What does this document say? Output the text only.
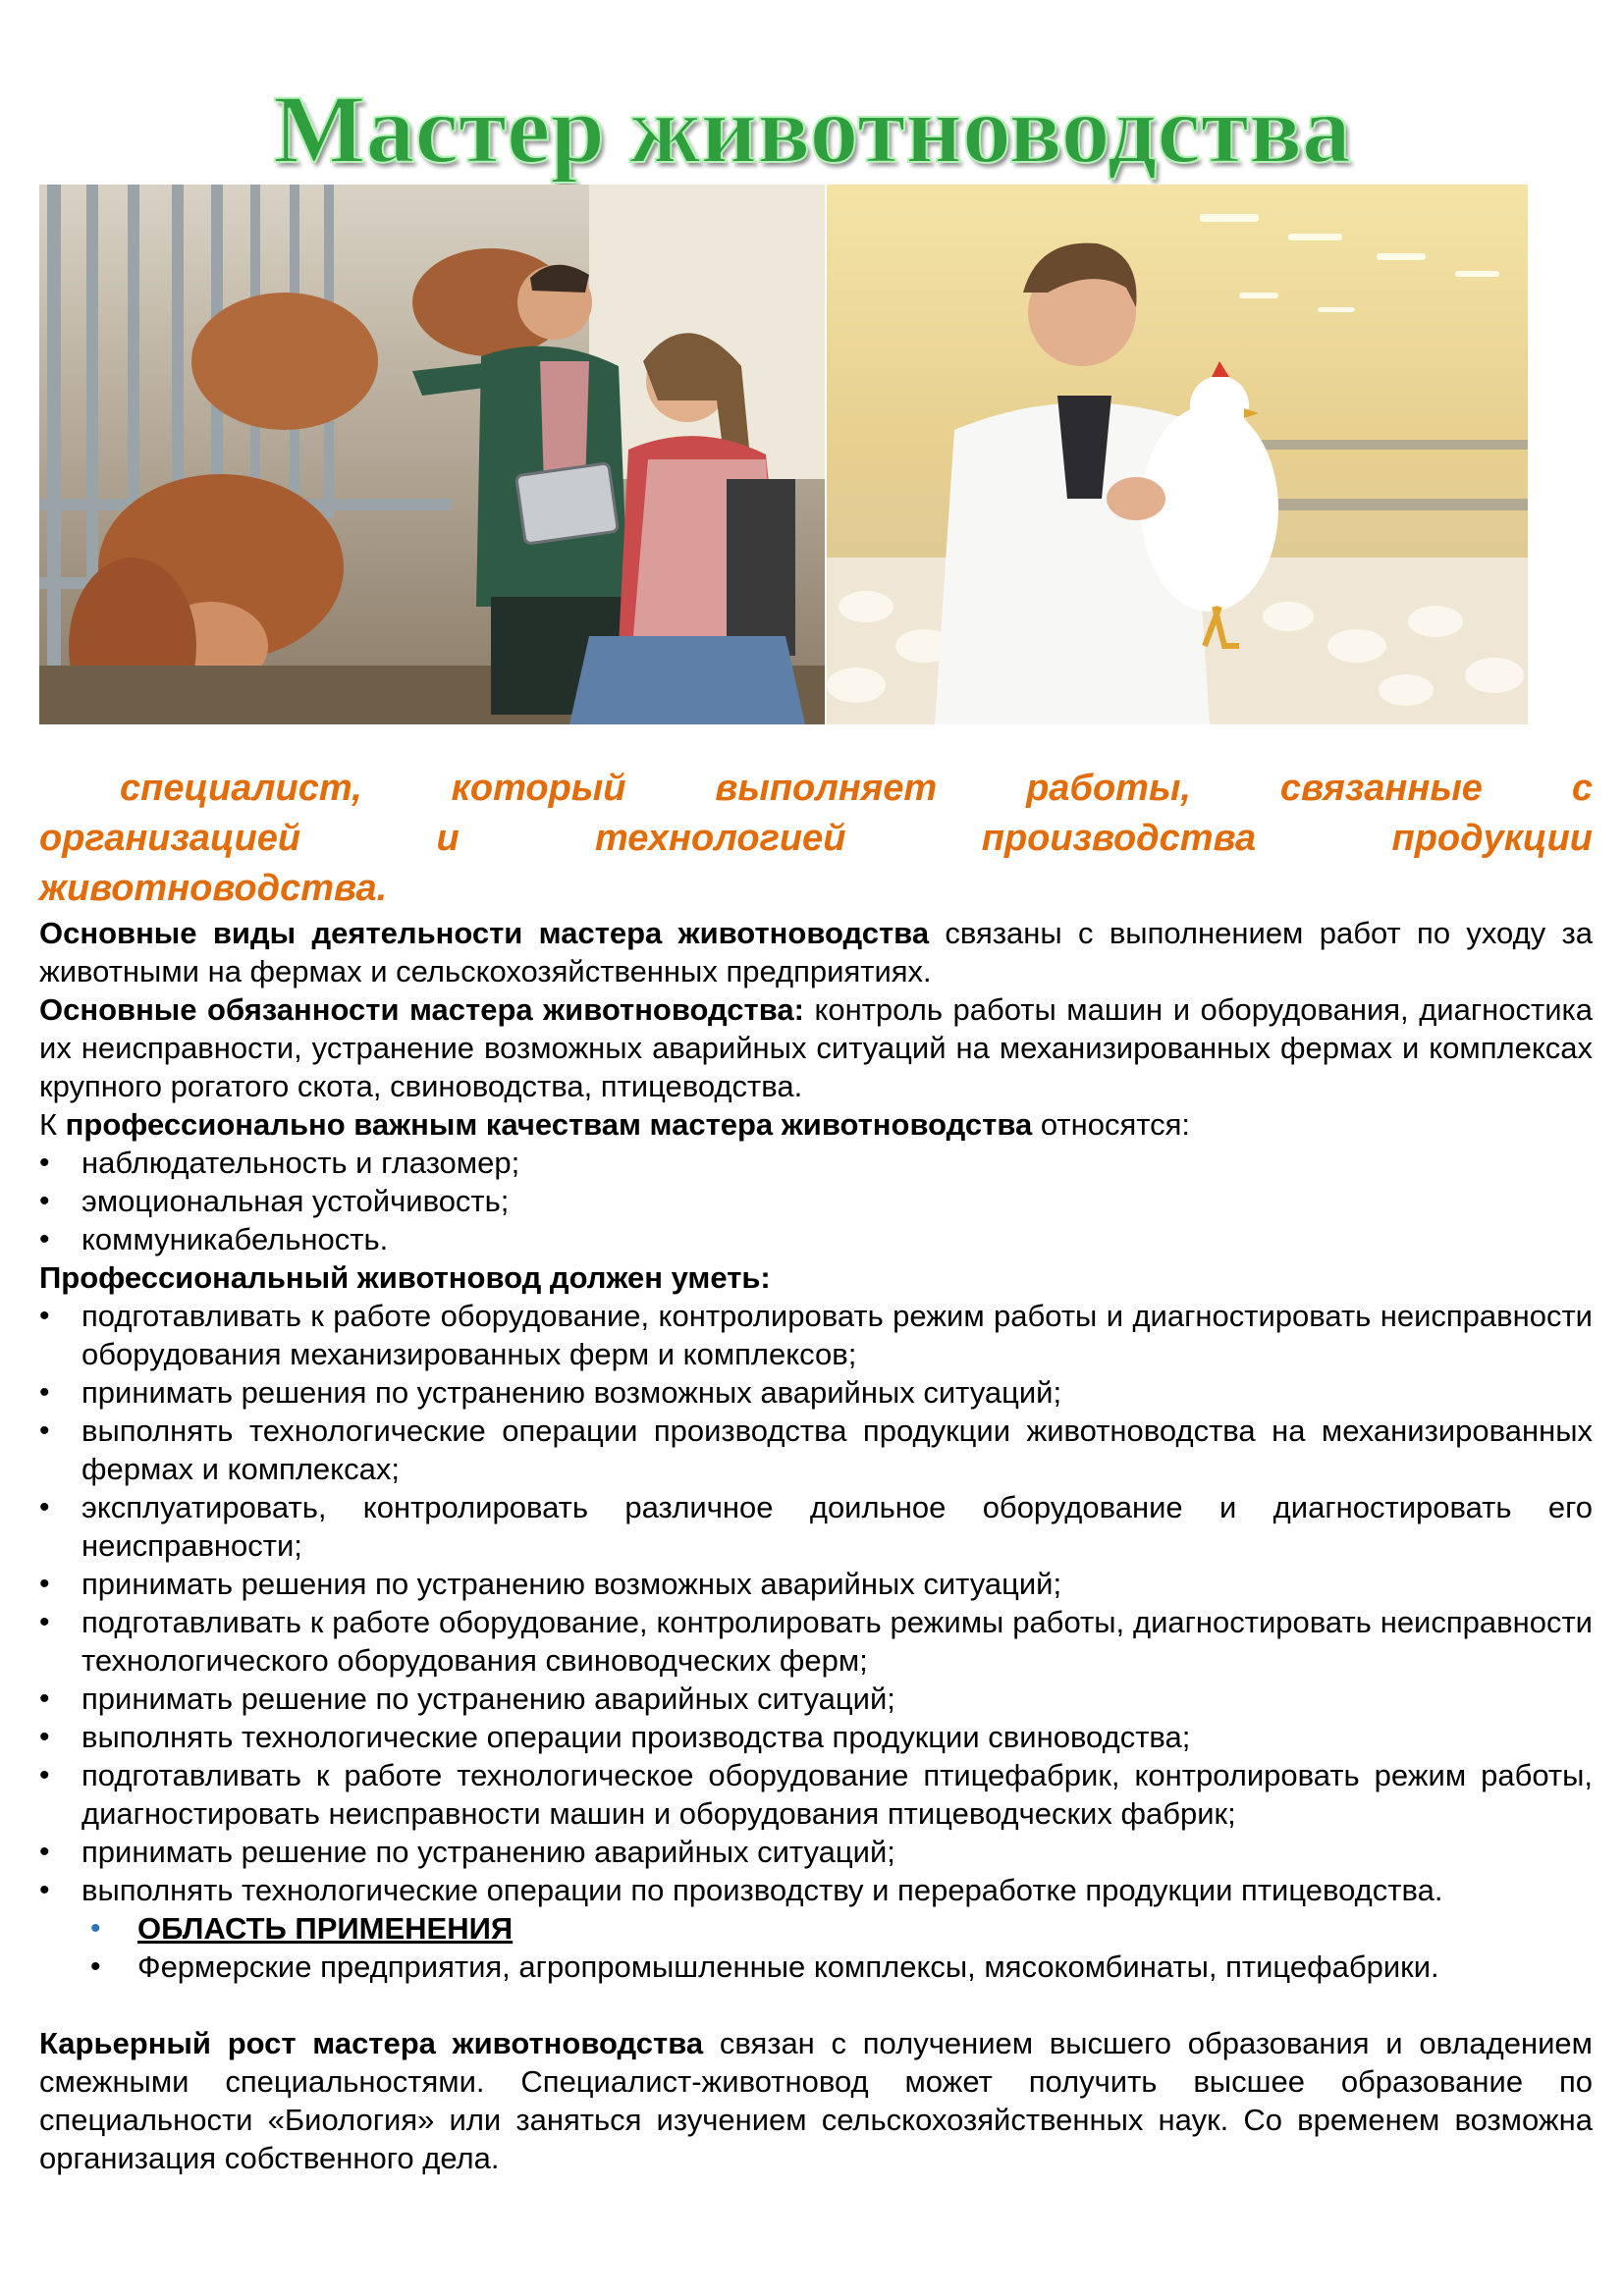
Мастер животноводства

специалист, который выполняет работы, связанные с

организацией и технологией производства продукции

животноводства.

Основные виды деятельности мастера животноводства связаны с выполнением работ по уходу за животными на фермах и сельскохозяйственных предприятиях.

Основные обязанности мастера животноводства: контроль работы машин и оборудования, диагностика их неисправности, устранение возможных аварийных ситуаций на механизированных фермах и комплексах крупного рогатого скота, свиноводства, птицеводства.

К профессионально важным качествам мастера животноводства относятся:

• наблюдательность и глазомер;
• эмоциональная устойчивость;
• коммуникабельность.

Профессиональный животновод должен уметь:

• подготавливать к работе оборудование, контролировать режим работы и диагностировать неисправности оборудования механизированных ферм и комплексов;
• принимать решения по устранению возможных аварийных ситуаций;
• выполнять технологические операции производства продукции животноводства на механизированных фермах и комплексах;
• эксплуатировать, контролировать различное доильное оборудование и диагностировать его неисправности;
• принимать решения по устранению возможных аварийных ситуаций;
• подготавливать к работе оборудование, контролировать режимы работы, диагностировать неисправности технологического оборудования свиноводческих ферм;
• принимать решение по устранению аварийных ситуаций;
• выполнять технологические операции производства продукции свиноводства;
• подготавливать к работе технологическое оборудование птицефабрик, контролировать режим работы, диагностировать неисправности машин и оборудования птицеводческих фабрик;
• принимать решение по устранению аварийных ситуаций;
• выполнять технологические операции по производству и переработке продукции птицеводства.
• ОБЛАСТЬ ПРИМЕНЕНИЯ
• Фермерские предприятия, агропромышленные комплексы, мясокомбинаты, птицефабрики.

Карьерный рост мастера животноводства связан с получением высшего образования и овладением смежными специальностями. Специалист-животновод может получить высшее образование по специальности «Биология» или заняться изучением сельскохозяйственных наук. Со временем возможна организация собственного дела.
